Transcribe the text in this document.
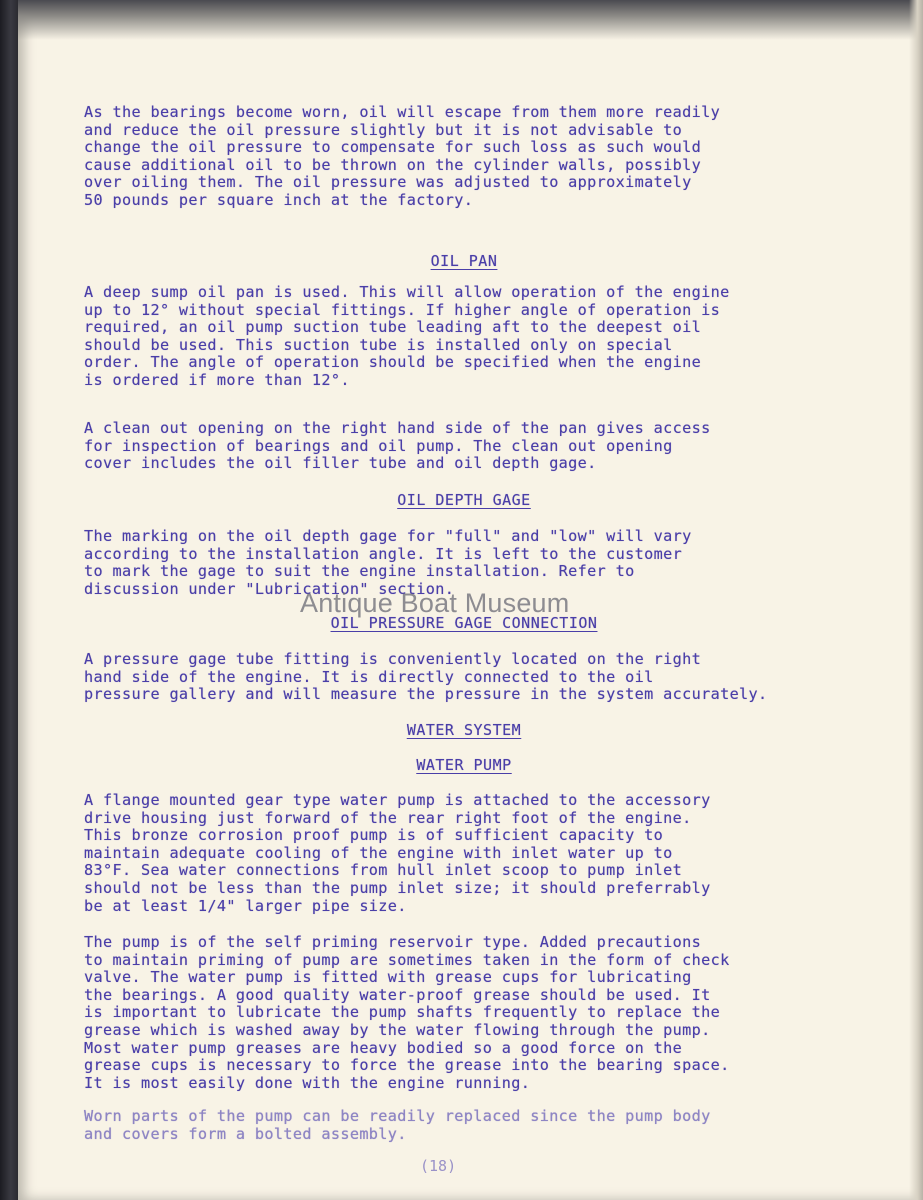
As the bearings become worn, oil will escape from them more readily
and reduce the oil pressure slightly but it is not advisable to
change the oil pressure to compensate for such loss as such would
cause additional oil to be thrown on the cylinder walls, possibly
over oiling them. The oil pressure was adjusted to approximately
50 pounds per square inch at the factory.
OIL PAN
A deep sump oil pan is used. This will allow operation of the engine
up to 12° without special fittings. If higher angle of operation is
required, an oil pump suction tube leading aft to the deepest oil
should be used. This suction tube is installed only on special
order. The angle of operation should be specified when the engine
is ordered if more than 12°.
A clean out opening on the right hand side of the pan gives access
for inspection of bearings and oil pump. The clean out opening
cover includes the oil filler tube and oil depth gage.
OIL DEPTH GAGE
The marking on the oil depth gage for "full" and "low" will vary
according to the installation angle. It is left to the customer
to mark the gage to suit the engine installation. Refer to
discussion under "Lubrication" section.
OIL PRESSURE GAGE CONNECTION
A pressure gage tube fitting is conveniently located on the right
hand side of the engine. It is directly connected to the oil
pressure gallery and will measure the pressure in the system accurately.
WATER SYSTEM
WATER PUMP
A flange mounted gear type water pump is attached to the accessory
drive housing just forward of the rear right foot of the engine.
This bronze corrosion proof pump is of sufficient capacity to
maintain adequate cooling of the engine with inlet water up to
83°F. Sea water connections from hull inlet scoop to pump inlet
should not be less than the pump inlet size; it should preferrably
be at least 1/4" larger pipe size.
The pump is of the self priming reservoir type. Added precautions
to maintain priming of pump are sometimes taken in the form of check
valve. The water pump is fitted with grease cups for lubricating
the bearings. A good quality water-proof grease should be used. It
is important to lubricate the pump shafts frequently to replace the
grease which is washed away by the water flowing through the pump.
Most water pump greases are heavy bodied so a good force on the
grease cups is necessary to force the grease into the bearing space.
It is most easily done with the engine running.
Worn parts of the pump can be readily replaced since the pump body
and covers form a bolted assembly.
Antique Boat Museum
(18)
